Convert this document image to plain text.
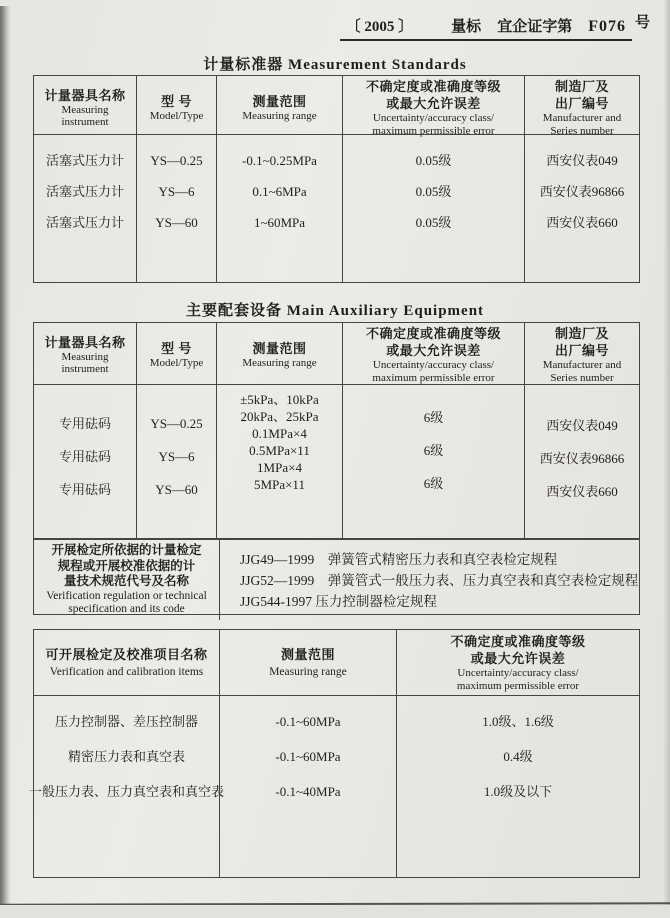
〔 2005 〕	量标 宜企证字第 F076 号
计量标准器 Measurement Standards
计量器具名称
Measuring
instrument
型 号
Model/Type
测量范围
Measuring range
不确定度或准确度等级
或最大允许误差
Uncertainty/accuracy class/
maximum permissible error
制造厂及
出厂编号
Manufacturer and
Series number
活塞式压力计
活塞式压力计
活塞式压力计
YS—0.25
YS—6
YS—60
-0.1~0.25MPa
0.1~6MPa
1~60MPa
0.05级
0.05级
0.05级
西安仪表049
西安仪表96866
西安仪表660
主要配套设备 Main Auxiliary Equipment
计量器具名称
Measuring
instrument
型 号
Model/Type
测量范围
Measuring range
不确定度或准确度等级
或最大允许误差
Uncertainty/accuracy class/
maximum permissible error
制造厂及
出厂编号
Manufacturer and
Series number
专用砝码
专用砝码
专用砝码
YS—0.25
YS—6
YS—60
±5kPa、10kPa
20kPa、25kPa
0.1MPa×4
0.5MPa×11
1MPa×4
5MPa×11
6级
6级
6级
西安仪表049
西安仪表96866
西安仪表660
开展检定所依据的计量检定
规程或开展校准依据的计
量技术规范代号及名称
Verification regulation or technical
specification and its code
JJG49—1999　弹簧管式精密压力表和真空表检定规程
JJG52—1999　弹簧管式一般压力表、压力真空表和真空表检定规程
JJG544-1997 压力控制器检定规程
可开展检定及校准项目名称
Verification and calibration items
测量范围
Measuring range
不确定度或准确度等级
或最大允许误差
Uncertainty/accuracy class/
maximum permissible error
压力控制器、差压控制器
精密压力表和真空表
一般压力表、压力真空表和真空表
-0.1~60MPa
-0.1~60MPa
-0.1~40MPa
1.0级、1.6级
0.4级
1.0级及以下
